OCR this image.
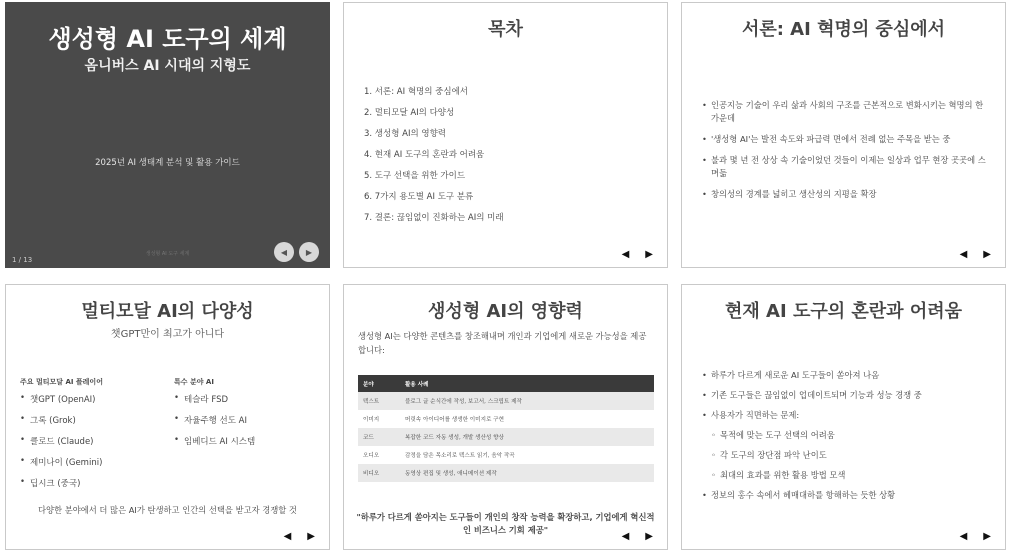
생성형 AI 도구의 세계
옴니버스 AI 시대의 지형도
2025년 AI 생태계 분석 및 활용 가이드
생성형 AI 도구 세계
1 / 13
◀ ▶
목차
1. 서론: AI 혁명의 중심에서
2. 멀티모달 AI의 다양성
3. 생성형 AI의 영향력
4. 현재 AI 도구의 혼란과 어려움
5. 도구 선택을 위한 가이드
6. 7가지 용도별 AI 도구 분류
7. 결론: 끊임없이 진화하는 AI의 미래
◀ ▶
서론: AI 혁명의 중심에서
• 인공지능 기술이 우리 삶과 사회의 구조를 근본적으로 변화시키는 혁명의 한가운데
• '생성형 AI'는 발전 속도와 파급력 면에서 전례 없는 주목을 받는 중
• 불과 몇 년 전 상상 속 기술이었던 것들이 이제는 일상과 업무 현장 곳곳에 스며듦
• 창의성의 경계를 넓히고 생산성의 지평을 확장
◀ ▶
멀티모달 AI의 다양성
챗GPT만이 최고가 아니다
주요 멀티모달 AI 플레이어
• 챗GPT (OpenAI)
• 그록 (Grok)
• 클로드 (Claude)
• 제미나이 (Gemini)
• 딥시크 (중국)
특수 분야 AI
• 테슬라 FSD
• 자율주행 선도 AI
• 임베디드 AI 시스템
다양한 분야에서 더 많은 AI가 탄생하고 인간의 선택을 받고자 경쟁할 것
◀ ▶
생성형 AI의 영향력
생성형 AI는 다양한 콘텐츠를 창조해내며 개인과 기업에게 새로운 가능성을 제공합니다:
분야	활용 사례
텍스트	블로그 글 순식간에 작성, 보고서, 스크립트 제작
이미지	머릿속 아이디어를 생생한 이미지로 구현
코드	복잡한 코드 자동 생성, 개발 생산성 향상
오디오	감정을 담은 목소리로 텍스트 읽기, 음악 작곡
비디오	동영상 편집 및 생성, 애니메이션 제작
"하루가 다르게 쏟아지는 도구들이 개인의 창작 능력을 확장하고, 기업에게 혁신적인 비즈니스 기회 제공"
◀ ▶
현재 AI 도구의 혼란과 어려움
• 하루가 다르게 새로운 AI 도구들이 쏟아져 나옴
• 기존 도구들은 끊임없이 업데이트되며 기능과 성능 경쟁 중
• 사용자가 직면하는 문제:
◦ 목적에 맞는 도구 선택의 어려움
◦ 각 도구의 장단점 파악 난이도
◦ 최대의 효과를 위한 활용 방법 모색
• 정보의 홍수 속에서 헤매대하를 항해하는 듯한 상황
◀ ▶
